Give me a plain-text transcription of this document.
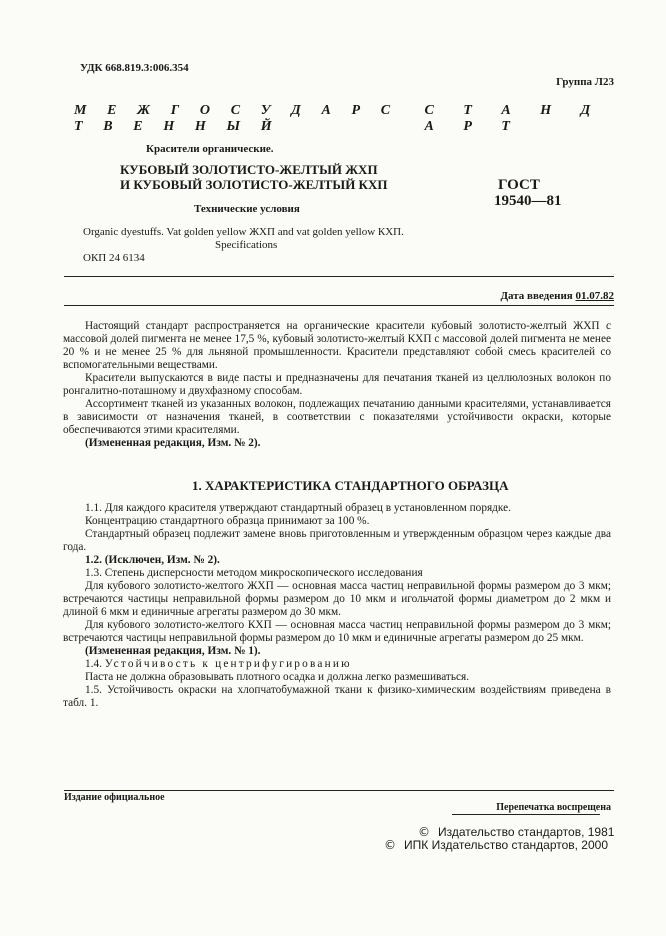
УДК 668.819.3:006.354
Группа Л23
М Е Ж Г О С У Д А Р С Т В Е Н Н Ы Й
С Т А Н Д А Р Т
Красители органические.
КУБОВЫЙ ЗОЛОТИСТО-ЖЕЛТЫЙ ЖХП
И КУБОВЫЙ ЗОЛОТИСТО-ЖЕЛТЫЙ КХП	ГОСТ
19540—81
Технические условия
Organic dyestuffs. Vat golden yellow ЖХП and vat golden yellow КХП.
Specifications
ОКП 24 6134
Дата введения 01.07.82

Настоящий стандарт распространяется на органические красители кубовый золотисто-желтый ЖХП с массовой долей пигмента не менее 17,5 %, кубовый золотисто-желтый КХП с массовой долей пигмента не менее 20 % и не менее 25 % для льняной промышленности. Красители представляют собой смесь красителей со вспомогательными веществами.

Красители выпускаются в виде пасты и предназначены для печатания тканей из целлюлозных волокон по ронгалитно-поташному и двухфазному способам.

Ассортимент тканей из указанных волокон, подлежащих печатанию данными красителями, устанавливается в зависимости от назначения тканей, в соответствии с показателями устойчивости окраски, которые обеспечиваются этими красителями.

(Измененная редакция, Изм. № 2).

1. ХАРАКТЕРИСТИКА СТАНДАРТНОГО ОБРАЗЦА

1.1. Для каждого красителя утверждают стандартный образец в установленном порядке.

Концентрацию стандартного образца принимают за 100 %.

Стандартный образец подлежит замене вновь приготовленным и утвержденным образцом через каждые два года.

1.2. (Исключен, Изм. № 2).

1.3. Степень дисперсности методом микроскопического исследования

Для кубового золотисто-желтого ЖХП — основная масса частиц неправильной формы размером до 3 мкм; встречаются частицы неправильной формы размером до 10 мкм и игольчатой формы диаметром до 2 мкм и длиной 6 мкм и единичные агрегаты размером до 30 мкм.

Для кубового золотисто-желтого КХП — основная масса частиц неправильной формы размером до 3 мкм; встречаются частицы неправильной формы размером до 10 мкм и единичные агрегаты размером до 25 мкм.

(Измененная редакция, Изм. № 1).

1.4. Устойчивость к центрифугированию

Паста не должна образовывать плотного осадка и должна легко размешиваться.

1.5. Устойчивость окраски на хлопчатобумажной ткани к физико-химическим воздействиям приведена в табл. 1.

Издание официальное
Перепечатка воспрещена
© Издательство стандартов, 1981
© ИПК Издательство стандартов, 2000
